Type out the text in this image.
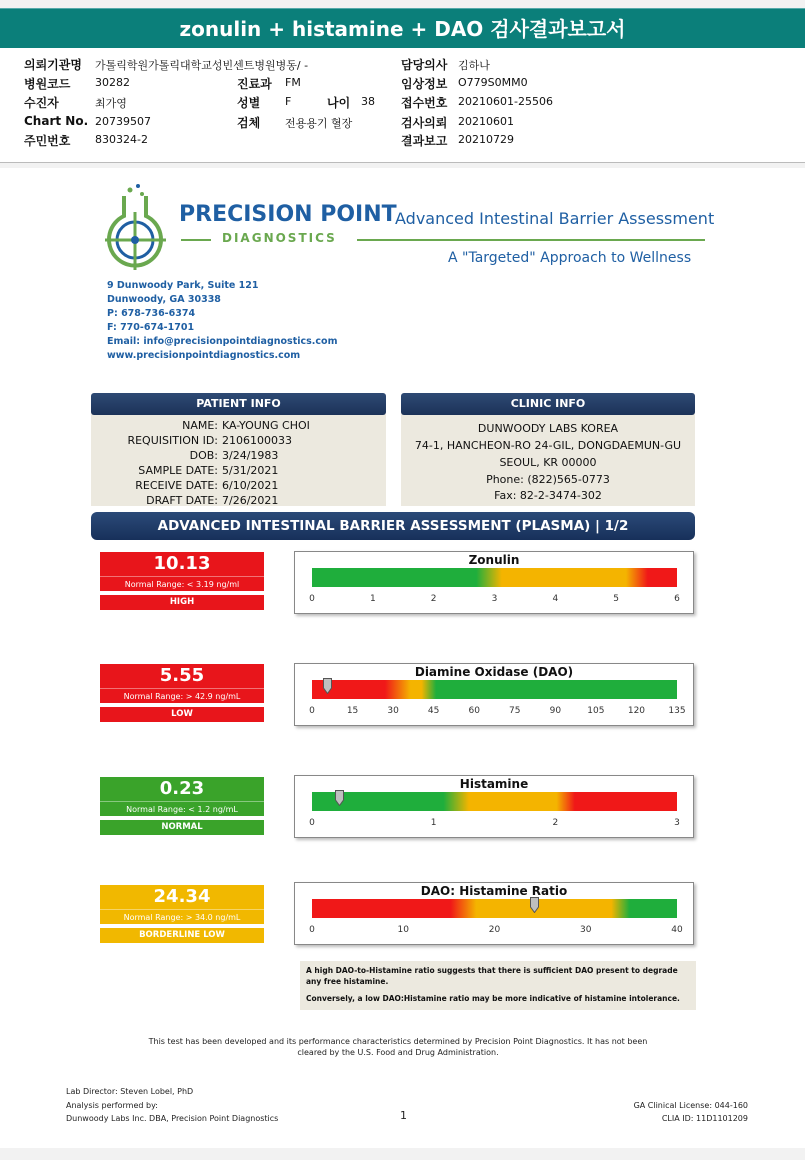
zonulin + histamine + DAO 검사결과보고서
의뢰기관명 가톨릭학원가톨릭대학교성빈센트병원병동/ -
병원코드 30282
수진자	최가영
Chart No. 20739507
주민번호 830324-2
진료과 FM
성별 F	나이 38
검체 전용용기 혈장
담당의사 김하나
임상정보 O779S0MM0
접수번호 20210601-25506
검사의뢰 20210601
결과보고 20210729
PRECISION POINT
DIAGNOSTICS
Advanced Intestinal Barrier Assessment
A "Targeted" Approach to Wellness
9 Dunwoody Park, Suite 121
Dunwoody, GA 30338
P: 678-736-6374
F: 770-674-1701
Email: info@precisionpointdiagnostics.com
www.precisionpointdiagnostics.com
PATIENT INFO
NAME: KA-YOUNG CHOI
REQUISITION ID: 2106100033
DOB: 3/24/1983
SAMPLE DATE: 5/31/2021
RECEIVE DATE: 6/10/2021
DRAFT DATE: 7/26/2021
CLINIC INFO
DUNWOODY LABS KOREA
74-1, HANCHEON-RO 24-GIL, DONGDAEMUN-GU
SEOUL, KR 00000
Phone: (822)565-0773
Fax: 82-2-3474-302
ADVANCED INTESTINAL BARRIER ASSESSMENT (PLASMA) | 1/2
10.13
Normal Range: < 3.19 ng/ml
HIGH
5.55
Normal Range: > 42.9 ng/mL
LOW
0.23
Normal Range: < 1.2 ng/mL
NORMAL
24.34
Normal Range: > 34.0 ng/mL
BORDERLINE LOW
Zonulin
0	1	2	3	4	5	6
Diamine Oxidase (DAO)
0	15	30	45	60	75	90	105	120	135
Histamine
0	1	2	3
DAO: Histamine Ratio
0	10	20	30	40
A high DAO-to-Histamine ratio suggests that there is sufficient DAO present to degrade any free histamine.
Conversely, a low DAO:Histamine ratio may be more indicative of histamine intolerance.
This test has been developed and its performance characteristics determined by Precision Point Diagnostics. It has not been cleared by the U.S. Food and Drug Administration.
Lab Director: Steven Lobel, PhD
Analysis performed by:
Dunwoody Labs Inc. DBA, Precision Point Diagnostics	1
GA Clinical License: 044-160
CLIA ID: 11D1101209
